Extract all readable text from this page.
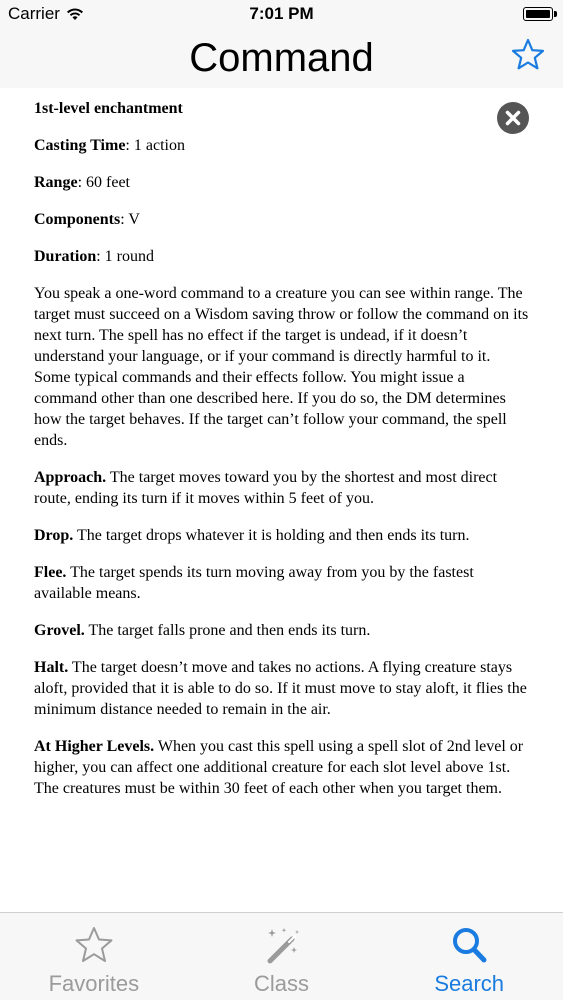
Carrier	7:01 PM
Command

1st-level enchantment

Casting Time: 1 action

Range: 60 feet

Components: V

Duration: 1 round

You speak a one-word command to a creature you can see within range. The target must succeed on a Wisdom saving throw or follow the command on its next turn. The spell has no effect if the target is undead, if it doesn’t understand your language, or if your command is directly harmful to it. Some typical commands and their effects follow. You might issue a command other than one described here. If you do so, the DM determines how the target behaves. If the target can’t follow your command, the spell ends.

Approach. The target moves toward you by the shortest and most direct route, ending its turn if it moves within 5 feet of you.

Drop. The target drops whatever it is holding and then ends its turn.

Flee. The target spends its turn moving away from you by the fastest available means.

Grovel. The target falls prone and then ends its turn.

Halt. The target doesn’t move and takes no actions. A flying creature stays aloft, provided that it is able to do so. If it must move to stay aloft, it flies the minimum distance needed to remain in the air.

At Higher Levels. When you cast this spell using a spell slot of 2nd level or higher, you can affect one additional creature for each slot level above 1st. The creatures must be within 30 feet of each other when you target them.

Favorites	Class	Search
